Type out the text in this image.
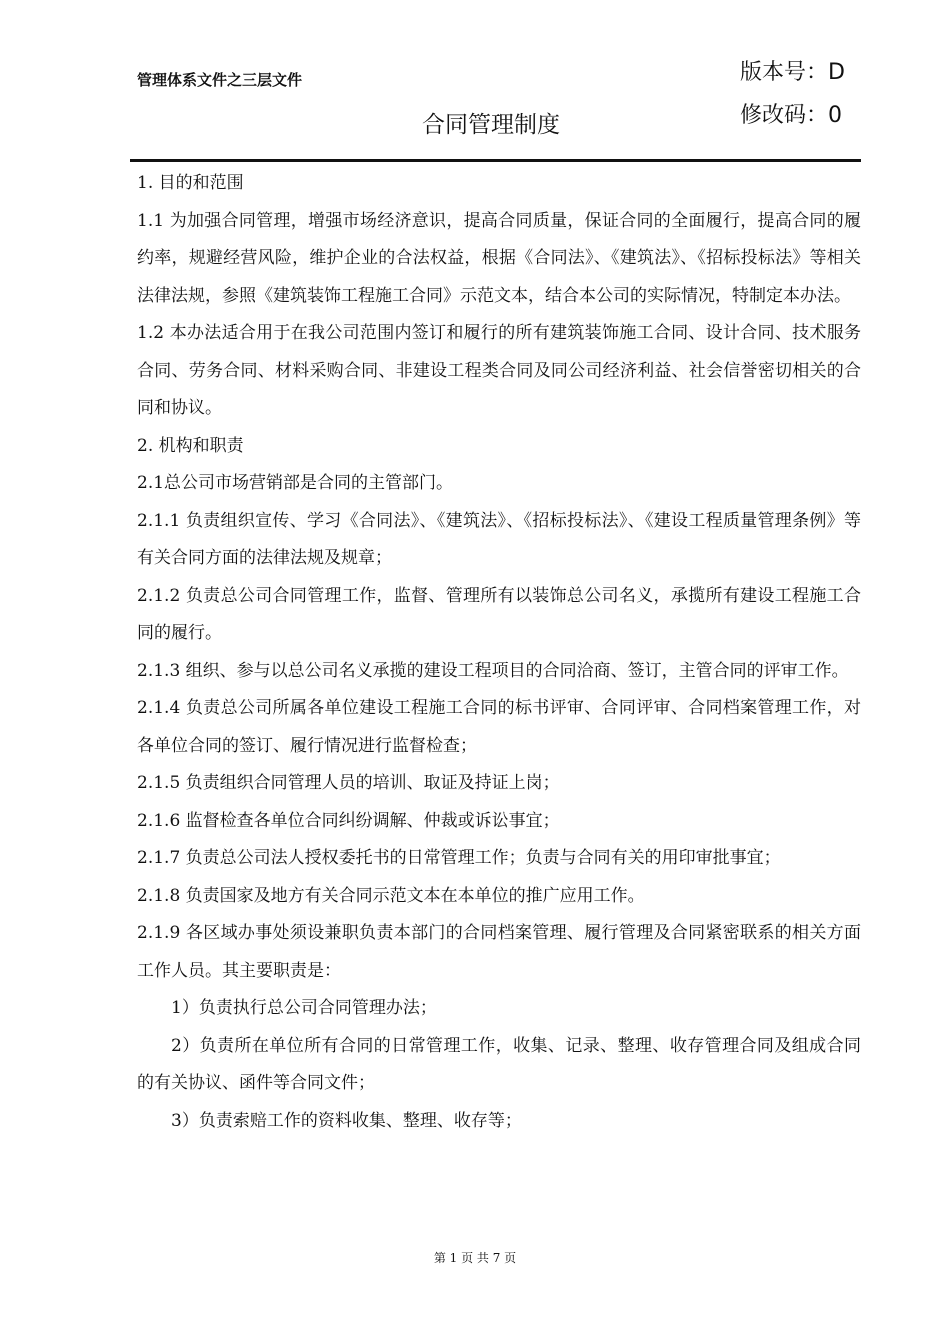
管理体系文件之三层文件
合同管理制度
版本号：D
修改码：0

1. 目的和范围

1.1 为加强合同管理，增强市场经济意识，提高合同质量，保证合同的全面履行，提高合同的履约率，规避经营风险，维护企业的合法权益，根据《合同法》、《建筑法》、《招标投标法》等相关法律法规，参照《建筑装饰工程施工合同》示范文本，结合本公司的实际情况，特制定本办法。

1.2 本办法适合用于在我公司范围内签订和履行的所有建筑装饰施工合同、设计合同、技术服务合同、劳务合同、材料采购合同、非建设工程类合同及同公司经济利益、社会信誉密切相关的合同和协议。

2. 机构和职责

2.1总公司市场营销部是合同的主管部门。

2.1.1 负责组织宣传、学习《合同法》、《建筑法》、《招标投标法》、《建设工程质量管理条例》等有关合同方面的法律法规及规章；

2.1.2 负责总公司合同管理工作，监督、管理所有以装饰总公司名义，承揽所有建设工程施工合同的履行。

2.1.3 组织、参与以总公司名义承揽的建设工程项目的合同洽商、签订，主管合同的评审工作。

2.1.4 负责总公司所属各单位建设工程施工合同的标书评审、合同评审、合同档案管理工作，对各单位合同的签订、履行情况进行监督检查；

2.1.5 负责组织合同管理人员的培训、取证及持证上岗；

2.1.6 监督检查各单位合同纠纷调解、仲裁或诉讼事宜；

2.1.7 负责总公司法人授权委托书的日常管理工作；负责与合同有关的用印审批事宜；

2.1.8 负责国家及地方有关合同示范文本在本单位的推广应用工作。

2.1.9 各区域办事处须设兼职负责本部门的合同档案管理、履行管理及合同紧密联系的相关方面工作人员。其主要职责是：

1）负责执行总公司合同管理办法；

2）负责所在单位所有合同的日常管理工作，收集、记录、整理、收存管理合同及组成合同的有关协议、函件等合同文件；

3）负责索赔工作的资料收集、整理、收存等；

第 1 页 共 7 页
